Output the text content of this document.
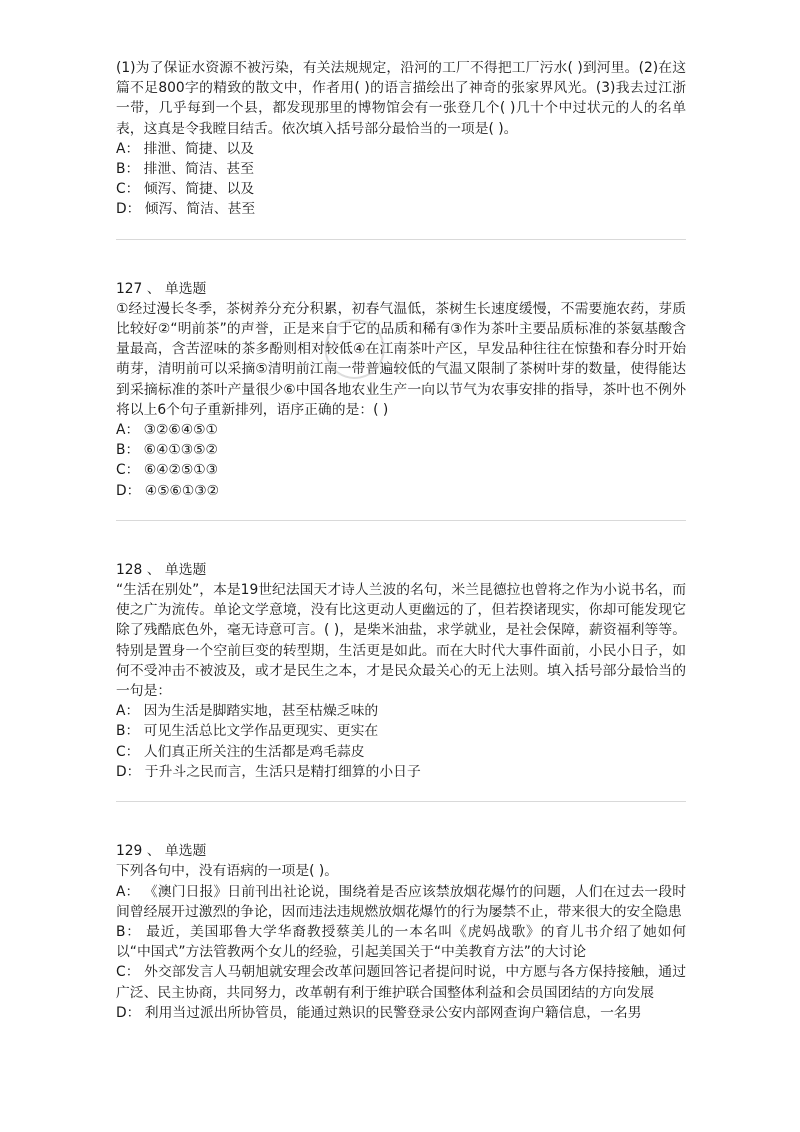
(1)为了保证水资源不被污染，有关法规规定，沿河的工厂不得把工厂污水( )到河里。(2)在这篇不足800字的精致的散文中，作者用( )的语言描绘出了神奇的张家界风光。(3)我去过江浙一带，几乎每到一个县，都发现那里的博物馆会有一张登几个( )几十个中过状元的人的名单表，这真是令我瞠目结舌。依次填入括号部分最恰当的一项是( )。

A： 排泄、简捷、以及

B： 排泄、简洁、甚至

C： 倾泻、简捷、以及

D： 倾泻、简洁、甚至

127 、 单选题

①经过漫长冬季，茶树养分充分积累，初春气温低，茶树生长速度缓慢，不需要施农药，芽质比较好②“明前茶”的声誉，正是来自于它的品质和稀有③作为茶叶主要品质标准的茶氨基酸含量最高，含苦涩味的茶多酚则相对较低④在江南茶叶产区，早发品种往往在惊蛰和春分时开始萌芽，清明前可以采摘⑤清明前江南一带普遍较低的气温又限制了茶树叶芽的数量，使得能达到采摘标准的茶叶产量很少⑥中国各地农业生产一向以节气为农事安排的指导，茶叶也不例外将以上6个句子重新排列，语序正确的是：( )

A： ③②⑥④⑤①

B： ⑥④①③⑤②

C： ⑥④②⑤①③

D： ④⑤⑥①③②

128 、 单选题

“生活在别处”，本是19世纪法国天才诗人兰波的名句，米兰昆德拉也曾将之作为小说书名，而使之广为流传。单论文学意境，没有比这更动人更幽远的了，但若揆诸现实，你却可能发现它除了残酷底色外，毫无诗意可言。( )，是柴米油盐，求学就业，是社会保障，薪资福利等等。特别是置身一个空前巨变的转型期，生活更是如此。而在大时代大事件面前，小民小日子，如何不受冲击不被波及，或才是民生之本，才是民众最关心的无上法则。填入括号部分最恰当的一句是：

A： 因为生活是脚踏实地，甚至枯燥乏味的

B： 可见生活总比文学作品更现实、更实在

C： 人们真正所关注的生活都是鸡毛蒜皮

D： 于升斗之民而言，生活只是精打细算的小日子

129 、 单选题

下列各句中，没有语病的一项是( )。

A： 《澳门日报》日前刊出社论说，围绕着是否应该禁放烟花爆竹的问题，人们在过去一段时间曾经展开过激烈的争论，因而违法违规燃放烟花爆竹的行为屡禁不止，带来很大的安全隐患

B： 最近，美国耶鲁大学华裔教授蔡美儿的一本名叫《虎妈战歌》的育儿书介绍了她如何以“中国式”方法管教两个女儿的经验，引起美国关于“中美教育方法”的大讨论

C： 外交部发言人马朝旭就安理会改革问题回答记者提问时说，中方愿与各方保持接触，通过广泛、民主协商，共同努力，改革朝有利于维护联合国整体利益和会员国团结的方向发展

D： 利用当过派出所协管员，能通过熟识的民警登录公安内部网查询户籍信息，一名男
